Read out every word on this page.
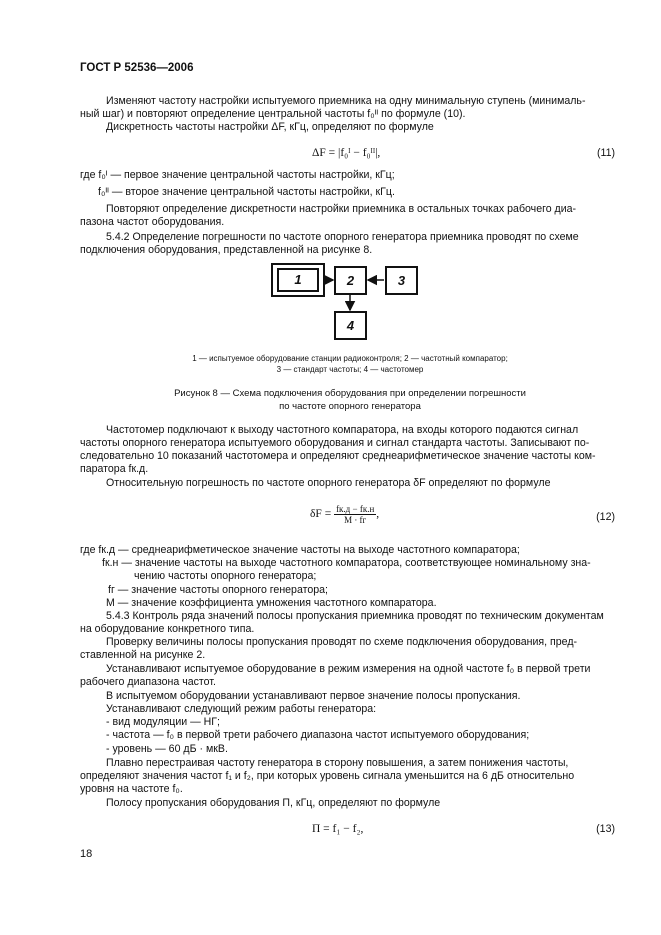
ГОСТ Р 52536—2006
Изменяют частоту настройки испытуемого приемника на одну минимальную ступень (минималь-
ный шаг) и повторяют определение центральной частоты f₀ᴵᴵ по формуле (10).
Дискретность частоты настройки ΔF, кГц, определяют по формуле
ΔF = |f₀ᴵ − f₀ᴵᴵ|,	(11)
где f₀ᴵ — первое значение центральной частоты настройки, кГц;
f₀ᴵᴵ — второе значение центральной частоты настройки, кГц.
Повторяют определение дискретности настройки приемника в остальных точках рабочего диа-
пазона частот оборудования.
5.4.2 Определение погрешности по частоте опорного генератора приемника проводят по схеме
подключения оборудования, представленной на рисунке 8.
1	2	3
4
1 — испытуемое оборудование станции радиоконтроля; 2 — частотный компаратор;
3 — стандарт частоты; 4 — частотомер
Рисунок 8 — Схема подключения оборудования при определении погрешности
по частоте опорного генератора
Частотомер подключают к выходу частотного компаратора, на входы которого подаются сигнал
частоты опорного генератора испытуемого оборудования и сигнал стандарта частоты. Записывают по-
следовательно 10 показаний частотомера и определяют среднеарифметическое значение частоты ком-
паратора fк.д.
Относительную погрешность по частоте опорного генератора δF определяют по формуле
$\delta F = \frac{fк.д - fк.н}{M \cdot fг}$ ,	(12)
где fк.д — среднеарифметическое значение частоты на выходе частотного компаратора;
fк.н — значение частоты на выходе частотного компаратора, соответствующее номинальному зна-
чению частоты опорного генератора;
fг — значение частоты опорного генератора;
M — значение коэффициента умножения частотного компаратора.
5.4.3 Контроль ряда значений полосы пропускания приемника проводят по техническим документам
на оборудование конкретного типа.
Проверку величины полосы пропускания проводят по схеме подключения оборудования, пред-
ставленной на рисунке 2.
Устанавливают испытуемое оборудование в режим измерения на одной частоте f₀ в первой трети
рабочего диапазона частот.
В испытуемом оборудовании устанавливают первое значение полосы пропускания.
Устанавливают следующий режим работы генератора:
- вид модуляции — НГ;
- частота — f₀ в первой трети рабочего диапазона частот испытуемого оборудования;
- уровень — 60 дБ · мкВ.
Плавно перестраивая частоту генератора в сторону повышения, а затем понижения частоты,
определяют значения частот f₁ и f₂, при которых уровень сигнала уменьшится на 6 дБ относительно
уровня на частоте f₀.
Полосу пропускания оборудования П, кГц, определяют по формуле
П = f₁ − f₂,	(13)
18
